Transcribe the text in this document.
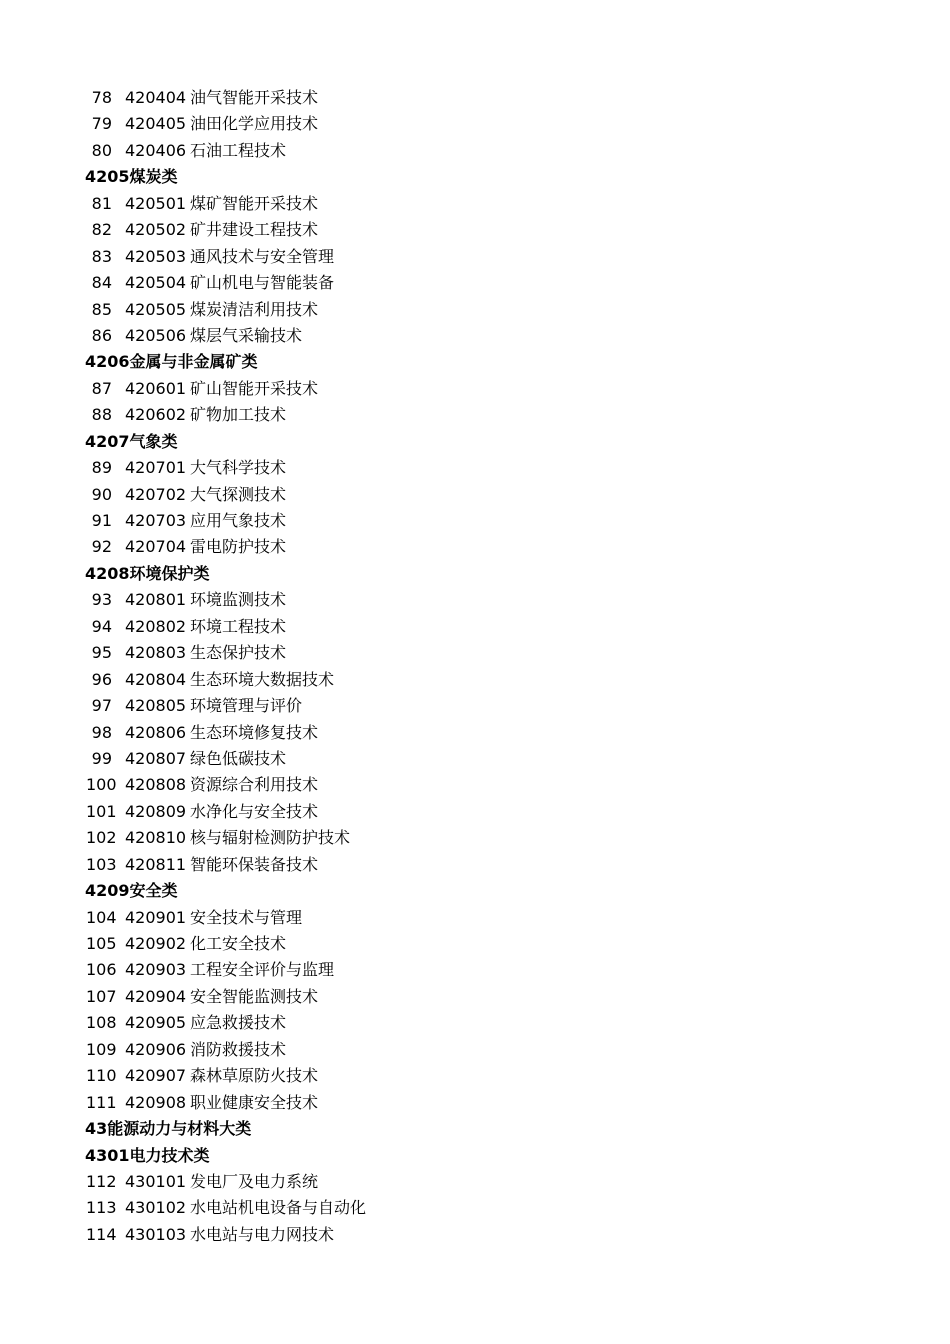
78 420404 油气智能开采技术
79 420405 油田化学应用技术
80 420406 石油工程技术
4205煤炭类
81 420501 煤矿智能开采技术
82 420502 矿井建设工程技术
83 420503 通风技术与安全管理
84 420504 矿山机电与智能装备
85 420505 煤炭清洁利用技术
86 420506 煤层气采输技术
4206金属与非金属矿类
87 420601 矿山智能开采技术
88 420602 矿物加工技术
4207气象类
89 420701 大气科学技术
90 420702 大气探测技术
91 420703 应用气象技术
92 420704 雷电防护技术
4208环境保护类
93 420801 环境监测技术
94 420802 环境工程技术
95 420803 生态保护技术
96 420804 生态环境大数据技术
97 420805 环境管理与评价
98 420806 生态环境修复技术
99 420807 绿色低碳技术
100 420808 资源综合利用技术
101 420809 水净化与安全技术
102 420810 核与辐射检测防护技术
103 420811 智能环保装备技术
4209安全类
104 420901 安全技术与管理
105 420902 化工安全技术
106 420903 工程安全评价与监理
107 420904 安全智能监测技术
108 420905 应急救援技术
109 420906 消防救援技术
110 420907 森林草原防火技术
111 420908 职业健康安全技术
43能源动力与材料大类
4301电力技术类
112 430101 发电厂及电力系统
113 430102 水电站机电设备与自动化
114 430103 水电站与电力网技术
